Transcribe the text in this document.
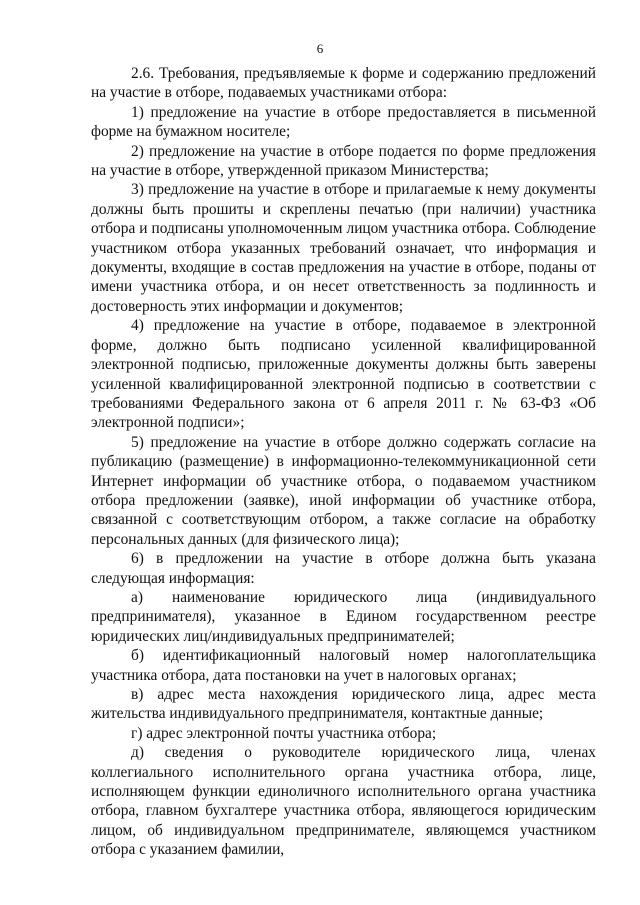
6

2.6. Требования, предъявляемые к форме и содержанию предложений на участие в отборе, подаваемых участниками отбора:

1) предложение на участие в отборе предоставляется в письменной форме на бумажном носителе;

2) предложение на участие в отборе подается по форме предложения на участие в отборе, утвержденной приказом Министерства;

3) предложение на участие в отборе и прилагаемые к нему документы должны быть прошиты и скреплены печатью (при наличии) участника отбора и подписаны уполномоченным лицом участника отбора. Соблюдение участником отбора указанных требований означает, что информация и документы, входящие в состав предложения на участие в отборе, поданы от имени участника отбора, и он несет ответственность за подлинность и достоверность этих информации и документов;

4) предложение на участие в отборе, подаваемое в электронной форме, должно быть подписано усиленной квалифицированной электронной подписью, приложенные документы должны быть заверены усиленной квалифицированной электронной подписью в соответствии с требованиями Федерального закона от 6 апреля 2011 г. № 63-ФЗ «Об электронной подписи»;

5) предложение на участие в отборе должно содержать согласие на публикацию (размещение) в информационно-телекоммуникационной сети Интернет информации об участнике отбора, о подаваемом участником отбора предложении (заявке), иной информации об участнике отбора, связанной с соответствующим отбором, а также согласие на обработку персональных данных (для физического лица);

6) в предложении на участие в отборе должна быть указана следующая информация:

а) наименование юридического лица (индивидуального предпринимателя), указанное в Едином государственном реестре юридических лиц/индивидуальных предпринимателей;

б) идентификационный налоговый номер налогоплательщика участника отбора, дата постановки на учет в налоговых органах;

в) адрес места нахождения юридического лица, адрес места жительства индивидуального предпринимателя, контактные данные;

г) адрес электронной почты участника отбора;

д) сведения о руководителе юридического лица, членах коллегиального исполнительного органа участника отбора, лице, исполняющем функции единоличного исполнительного органа участника отбора, главном бухгалтере участника отбора, являющегося юридическим лицом, об индивидуальном предпринимателе, являющемся участником отбора с указанием фамилии,
